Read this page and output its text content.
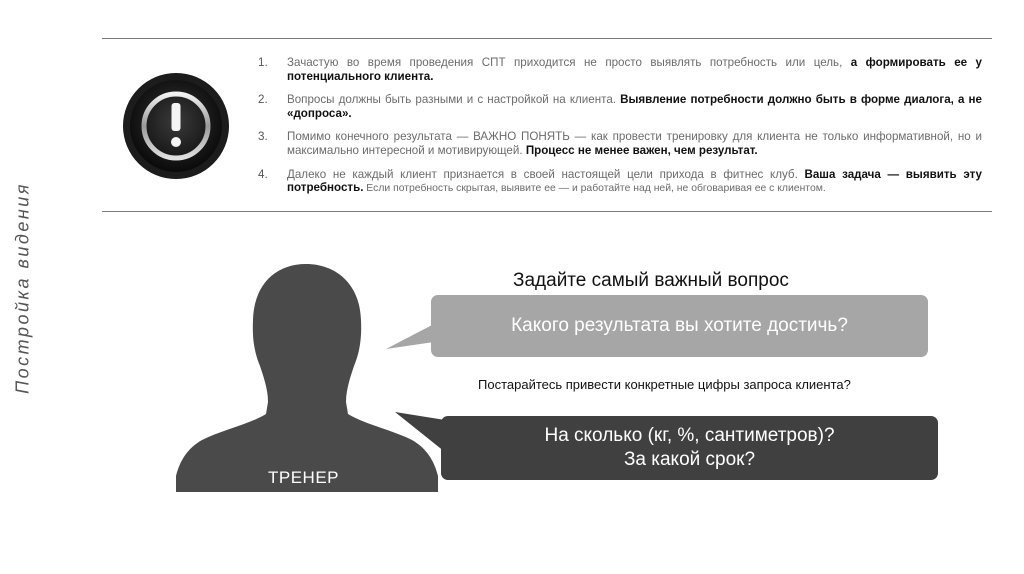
Постройка видения
1.	Зачастую во время проведения СПТ приходится не просто выявлять потребность или цель, а формировать ее у потенциального клиента.
2.	Вопросы должны быть разными и с настройкой на клиента. Выявление потребности должно быть в форме диалога, а не «допроса».
3.	Помимо конечного результата — ВАЖНО ПОНЯТЬ — как провести тренировку для клиента не только информативной, но и максимально интересной и мотивирующей. Процесс не менее важен, чем результат.
4.	Далеко не каждый клиент признается в своей настоящей цели прихода в фитнес клуб. Ваша задача — выявить эту потребность. Если потребность скрытая, выявите ее — и работайте над ней, не обговаривая ее с клиентом.
ТРЕНЕР
Задайте самый важный вопрос
Какого результата вы хотите достичь?
Постарайтесь привести конкретные цифры запроса клиента?
На сколько (кг, %, сантиметров)?
За какой срок?
